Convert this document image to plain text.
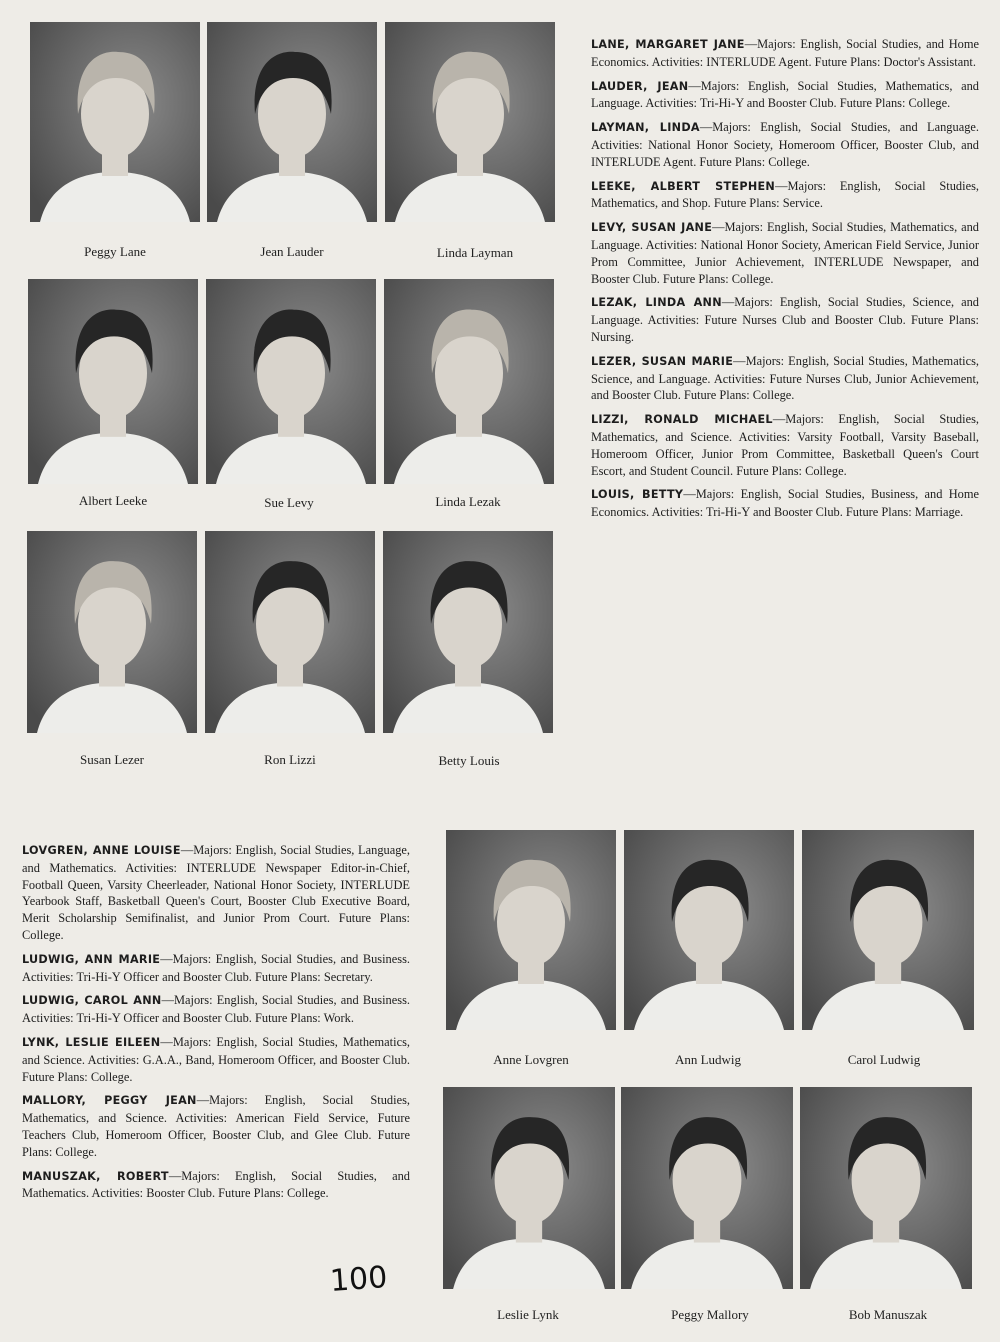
Peggy Lane	Jean Lauder	Linda Layman
Albert Leeke	Sue Levy	Linda Lezak
Susan Lezer	Ron Lizzi	Betty Louis

LANE, MARGARET JANE—Majors: English, Social Studies, and Home Economics. Activities: INTERLUDE Agent. Future Plans: Doctor's Assistant.

LAUDER, JEAN—Majors: English, Social Studies, Mathematics, and Language. Activities: Tri-Hi-Y and Booster Club. Future Plans: College.

LAYMAN, LINDA—Majors: English, Social Studies, and Language. Activities: National Honor Society, Homeroom Officer, Booster Club, and INTERLUDE Agent. Future Plans: College.

LEEKE, ALBERT STEPHEN—Majors: English, Social Studies, Mathematics, and Shop. Future Plans: Service.

LEVY, SUSAN JANE—Majors: English, Social Studies, Mathematics, and Language. Activities: National Honor Society, American Field Service, Junior Prom Committee, Junior Achievement, INTERLUDE Newspaper, and Booster Club. Future Plans: College.

LEZAK, LINDA ANN—Majors: English, Social Studies, Science, and Language. Activities: Future Nurses Club and Booster Club. Future Plans: Nursing.

LEZER, SUSAN MARIE—Majors: English, Social Studies, Mathematics, Science, and Language. Activities: Future Nurses Club, Junior Achievement, and Booster Club. Future Plans: College.

LIZZI, RONALD MICHAEL—Majors: English, Social Studies, Mathematics, and Science. Activities: Varsity Football, Varsity Baseball, Homeroom Officer, Junior Prom Committee, Basketball Queen's Court Escort, and Student Council. Future Plans: College.

LOUIS, BETTY—Majors: English, Social Studies, Business, and Home Economics. Activities: Tri-Hi-Y and Booster Club. Future Plans: Marriage.

LOVGREN, ANNE LOUISE—Majors: English, Social Studies, Language, and Mathematics. Activities: INTERLUDE Newspaper Editor-in-Chief, Football Queen, Varsity Cheerleader, National Honor Society, INTERLUDE Yearbook Staff, Basketball Queen's Court, Booster Club Executive Board, Merit Scholarship Semifinalist, and Junior Prom Court. Future Plans: College.

LUDWIG, ANN MARIE—Majors: English, Social Studies, and Business. Activities: Tri-Hi-Y Officer and Booster Club. Future Plans: Secretary.

LUDWIG, CAROL ANN—Majors: English, Social Studies, and Business. Activities: Tri-Hi-Y Officer and Booster Club. Future Plans: Work.

LYNK, LESLIE EILEEN—Majors: English, Social Studies, Mathematics, and Science. Activities: G.A.A., Band, Homeroom Officer, and Booster Club. Future Plans: College.

MALLORY, PEGGY JEAN—Majors: English, Social Studies, Mathematics, and Science. Activities: American Field Service, Future Teachers Club, Homeroom Officer, Booster Club, and Glee Club. Future Plans: College.

MANUSZAK, ROBERT—Majors: English, Social Studies, and Mathematics. Activities: Booster Club. Future Plans: College.

Anne Lovgren	Ann Ludwig	Carol Ludwig
Leslie Lynk	Peggy Mallory	Bob Manuszak
100
